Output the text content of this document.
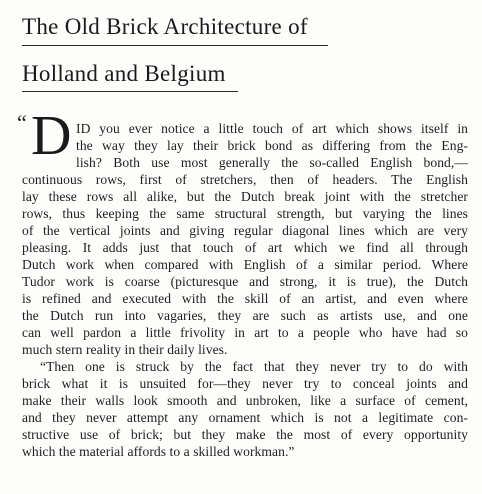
The Old Brick Architecture of
Holland and Belgium
“ D ID you ever notice a little touch of art which shows itself in
the way they lay their brick bond as differing from the Eng-
lish? Both use most generally the so-called English bond,—
continuous rows, first of stretchers, then of headers. The English
lay these rows all alike, but the Dutch break joint with the stretcher
rows, thus keeping the same structural strength, but varying the lines
of the vertical joints and giving regular diagonal lines which are very
pleasing. It adds just that touch of art which we find all through
Dutch work when compared with English of a similar period. Where
Tudor work is coarse (picturesque and strong, it is true), the Dutch
is refined and executed with the skill of an artist, and even where
the Dutch run into vagaries, they are such as artists use, and one
can well pardon a little frivolity in art to a people who have had so
much stern reality in their daily lives.
“Then one is struck by the fact that they never try to do with
brick what it is unsuited for—they never try to conceal joints and
make their walls look smooth and unbroken, like a surface of cement,
and they never attempt any ornament which is not a legitimate con-
structive use of brick; but they make the most of every opportunity
which the material affords to a skilled workman.”
